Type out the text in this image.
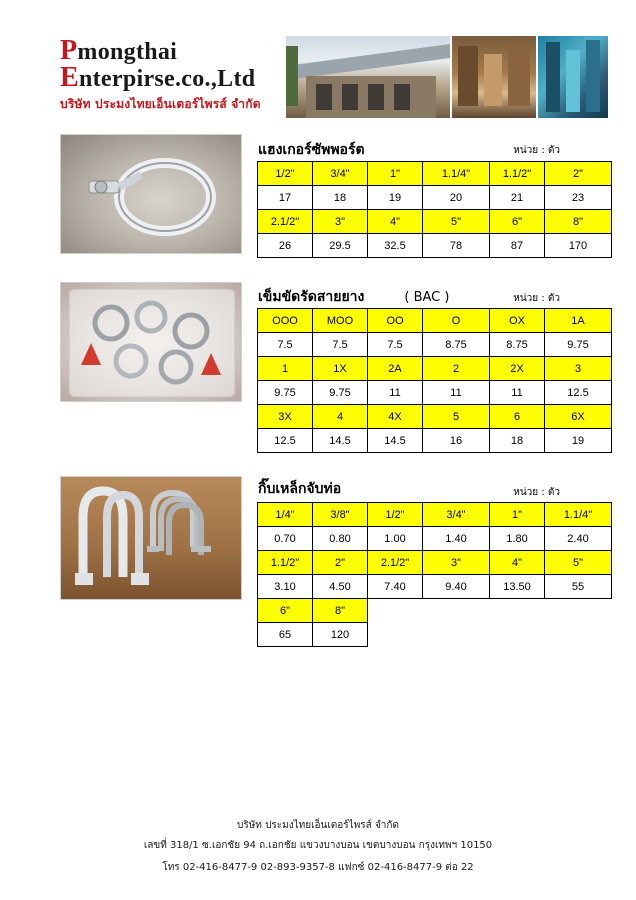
Pmongthai
Enterpirse.co.,Ltd
บริษัท ประมงไทยเอ็นเตอร์ไพรส์ จำกัด
แฮงเกอร์ซัพพอร์ต	หน่วย : ตัว
1/2"	3/4"	1"	1.1/4"	1.1/2"	2"
17	18	19	20	21	23
2.1/2"	3"	4"	5"	6"	8"
26	29.5	32.5	78	87	170
เข็มขัดรัดสายยาง	( BAC )	หน่วย : ตัว
OOO	MOO	OO	O	OX	1A
7.5	7.5	7.5	8.75	8.75	9.75
1	1X	2A	2	2X	3
9.75	9.75	11	11	11	12.5
3X	4	4X	5	6	6X
12.5	14.5	14.5	16	18	19
กิ๊บเหล็กจับท่อ	หน่วย : ตัว
1/4"	3/8"	1/2"	3/4"	1"	1.1/4"
0.70	0.80	1.00	1.40	1.80	2.40
1.1/2"	2"	2.1/2"	3"	4"	5"
3.10	4.50	7.40	9.40	13.50	55
6"	8"				
65	120				
บริษัท ประมงไทยเอ็นเตอร์ไพรส์ จำกัด
เลขที่ 318/1 ซ.เอกชัย 94 ถ.เอกชัย แขวงบางบอน เขตบางบอน กรุงเทพฯ 10150
โทร 02-416-8477-9 02-893-9357-8 แฟกซ์ 02-416-8477-9 ต่อ 22
